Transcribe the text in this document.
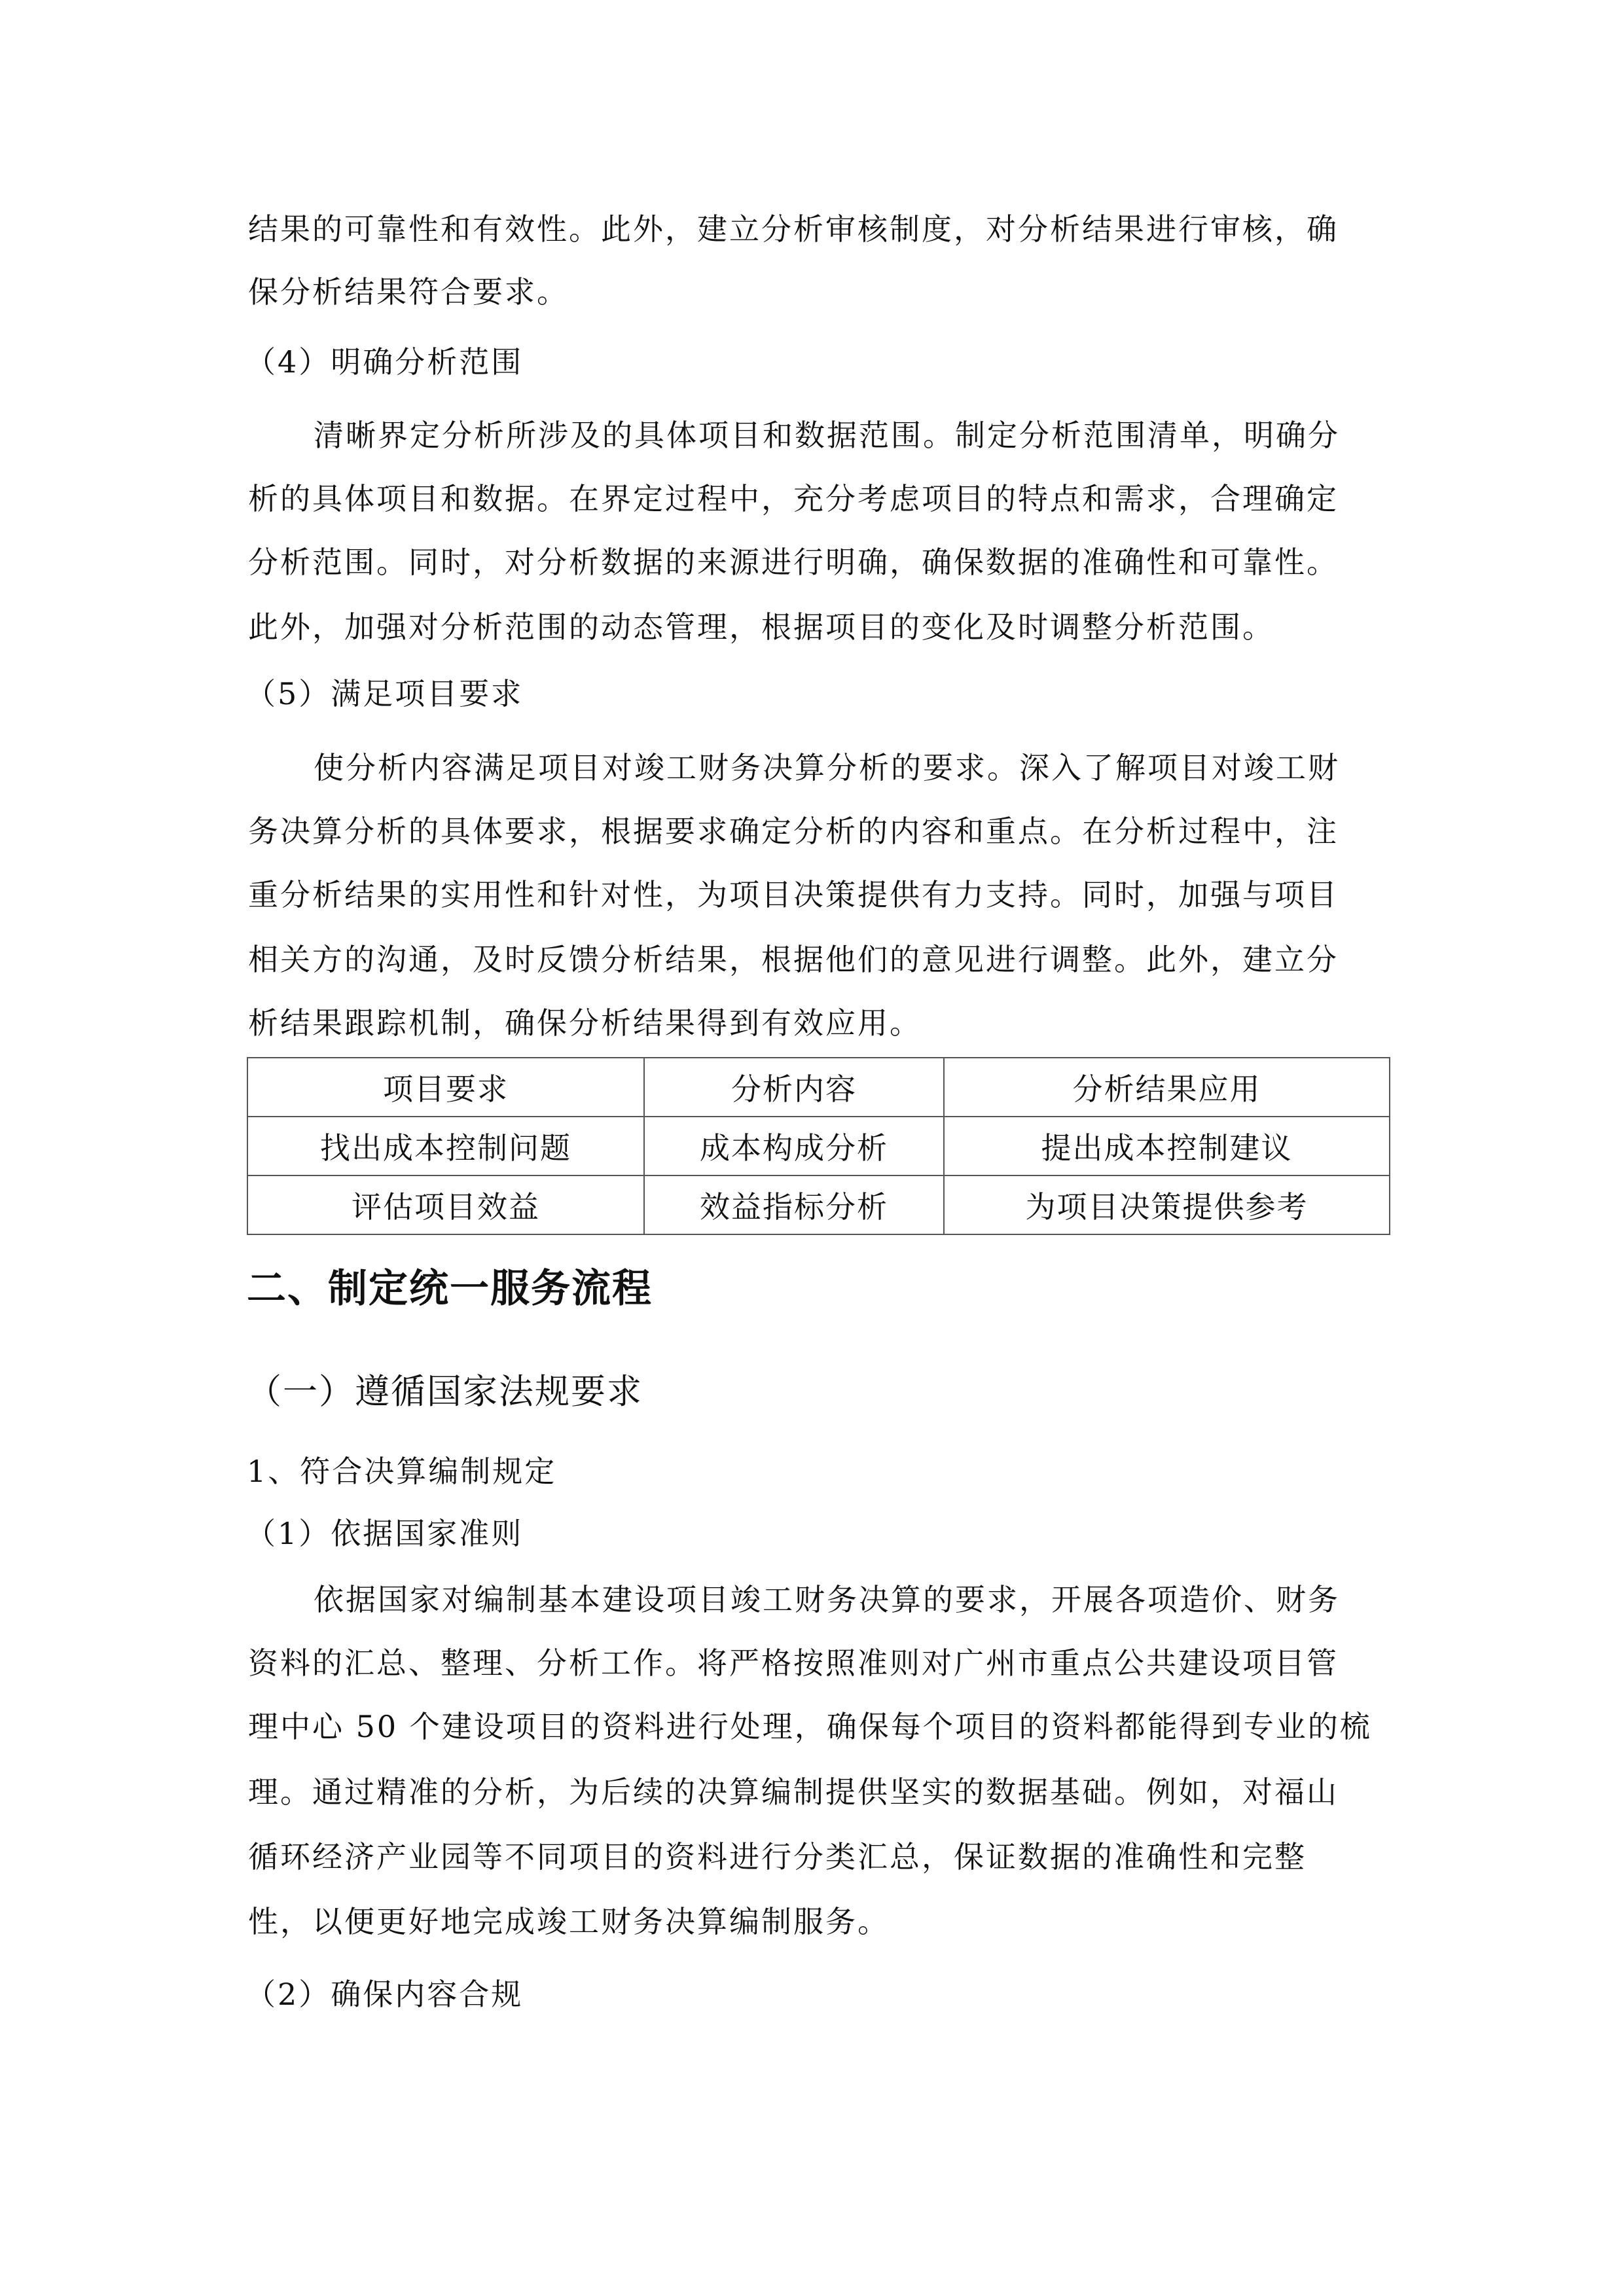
结果的可靠性和有效性。此外，建立分析审核制度，对分析结果进行审核，确
保分析结果符合要求。
（4）明确分析范围
清晰界定分析所涉及的具体项目和数据范围。制定分析范围清单，明确分
析的具体项目和数据。在界定过程中，充分考虑项目的特点和需求，合理确定
分析范围。同时，对分析数据的来源进行明确，确保数据的准确性和可靠性。
此外，加强对分析范围的动态管理，根据项目的变化及时调整分析范围。
（5）满足项目要求
使分析内容满足项目对竣工财务决算分析的要求。深入了解项目对竣工财
务决算分析的具体要求，根据要求确定分析的内容和重点。在分析过程中，注
重分析结果的实用性和针对性，为项目决策提供有力支持。同时，加强与项目
相关方的沟通，及时反馈分析结果，根据他们的意见进行调整。此外，建立分
析结果跟踪机制，确保分析结果得到有效应用。
项目要求	分析内容	分析结果应用
找出成本控制问题	成本构成分析	提出成本控制建议
评估项目效益	效益指标分析	为项目决策提供参考
二、制定统一服务流程
（一）遵循国家法规要求
1、符合决算编制规定
（1）依据国家准则
依据国家对编制基本建设项目竣工财务决算的要求，开展各项造价、财务
资料的汇总、整理、分析工作。将严格按照准则对广州市重点公共建设项目管
理中心 50 个建设项目的资料进行处理，确保每个项目的资料都能得到专业的梳
理。通过精准的分析，为后续的决算编制提供坚实的数据基础。例如，对福山
循环经济产业园等不同项目的资料进行分类汇总，保证数据的准确性和完整
性，以便更好地完成竣工财务决算编制服务。
（2）确保内容合规
